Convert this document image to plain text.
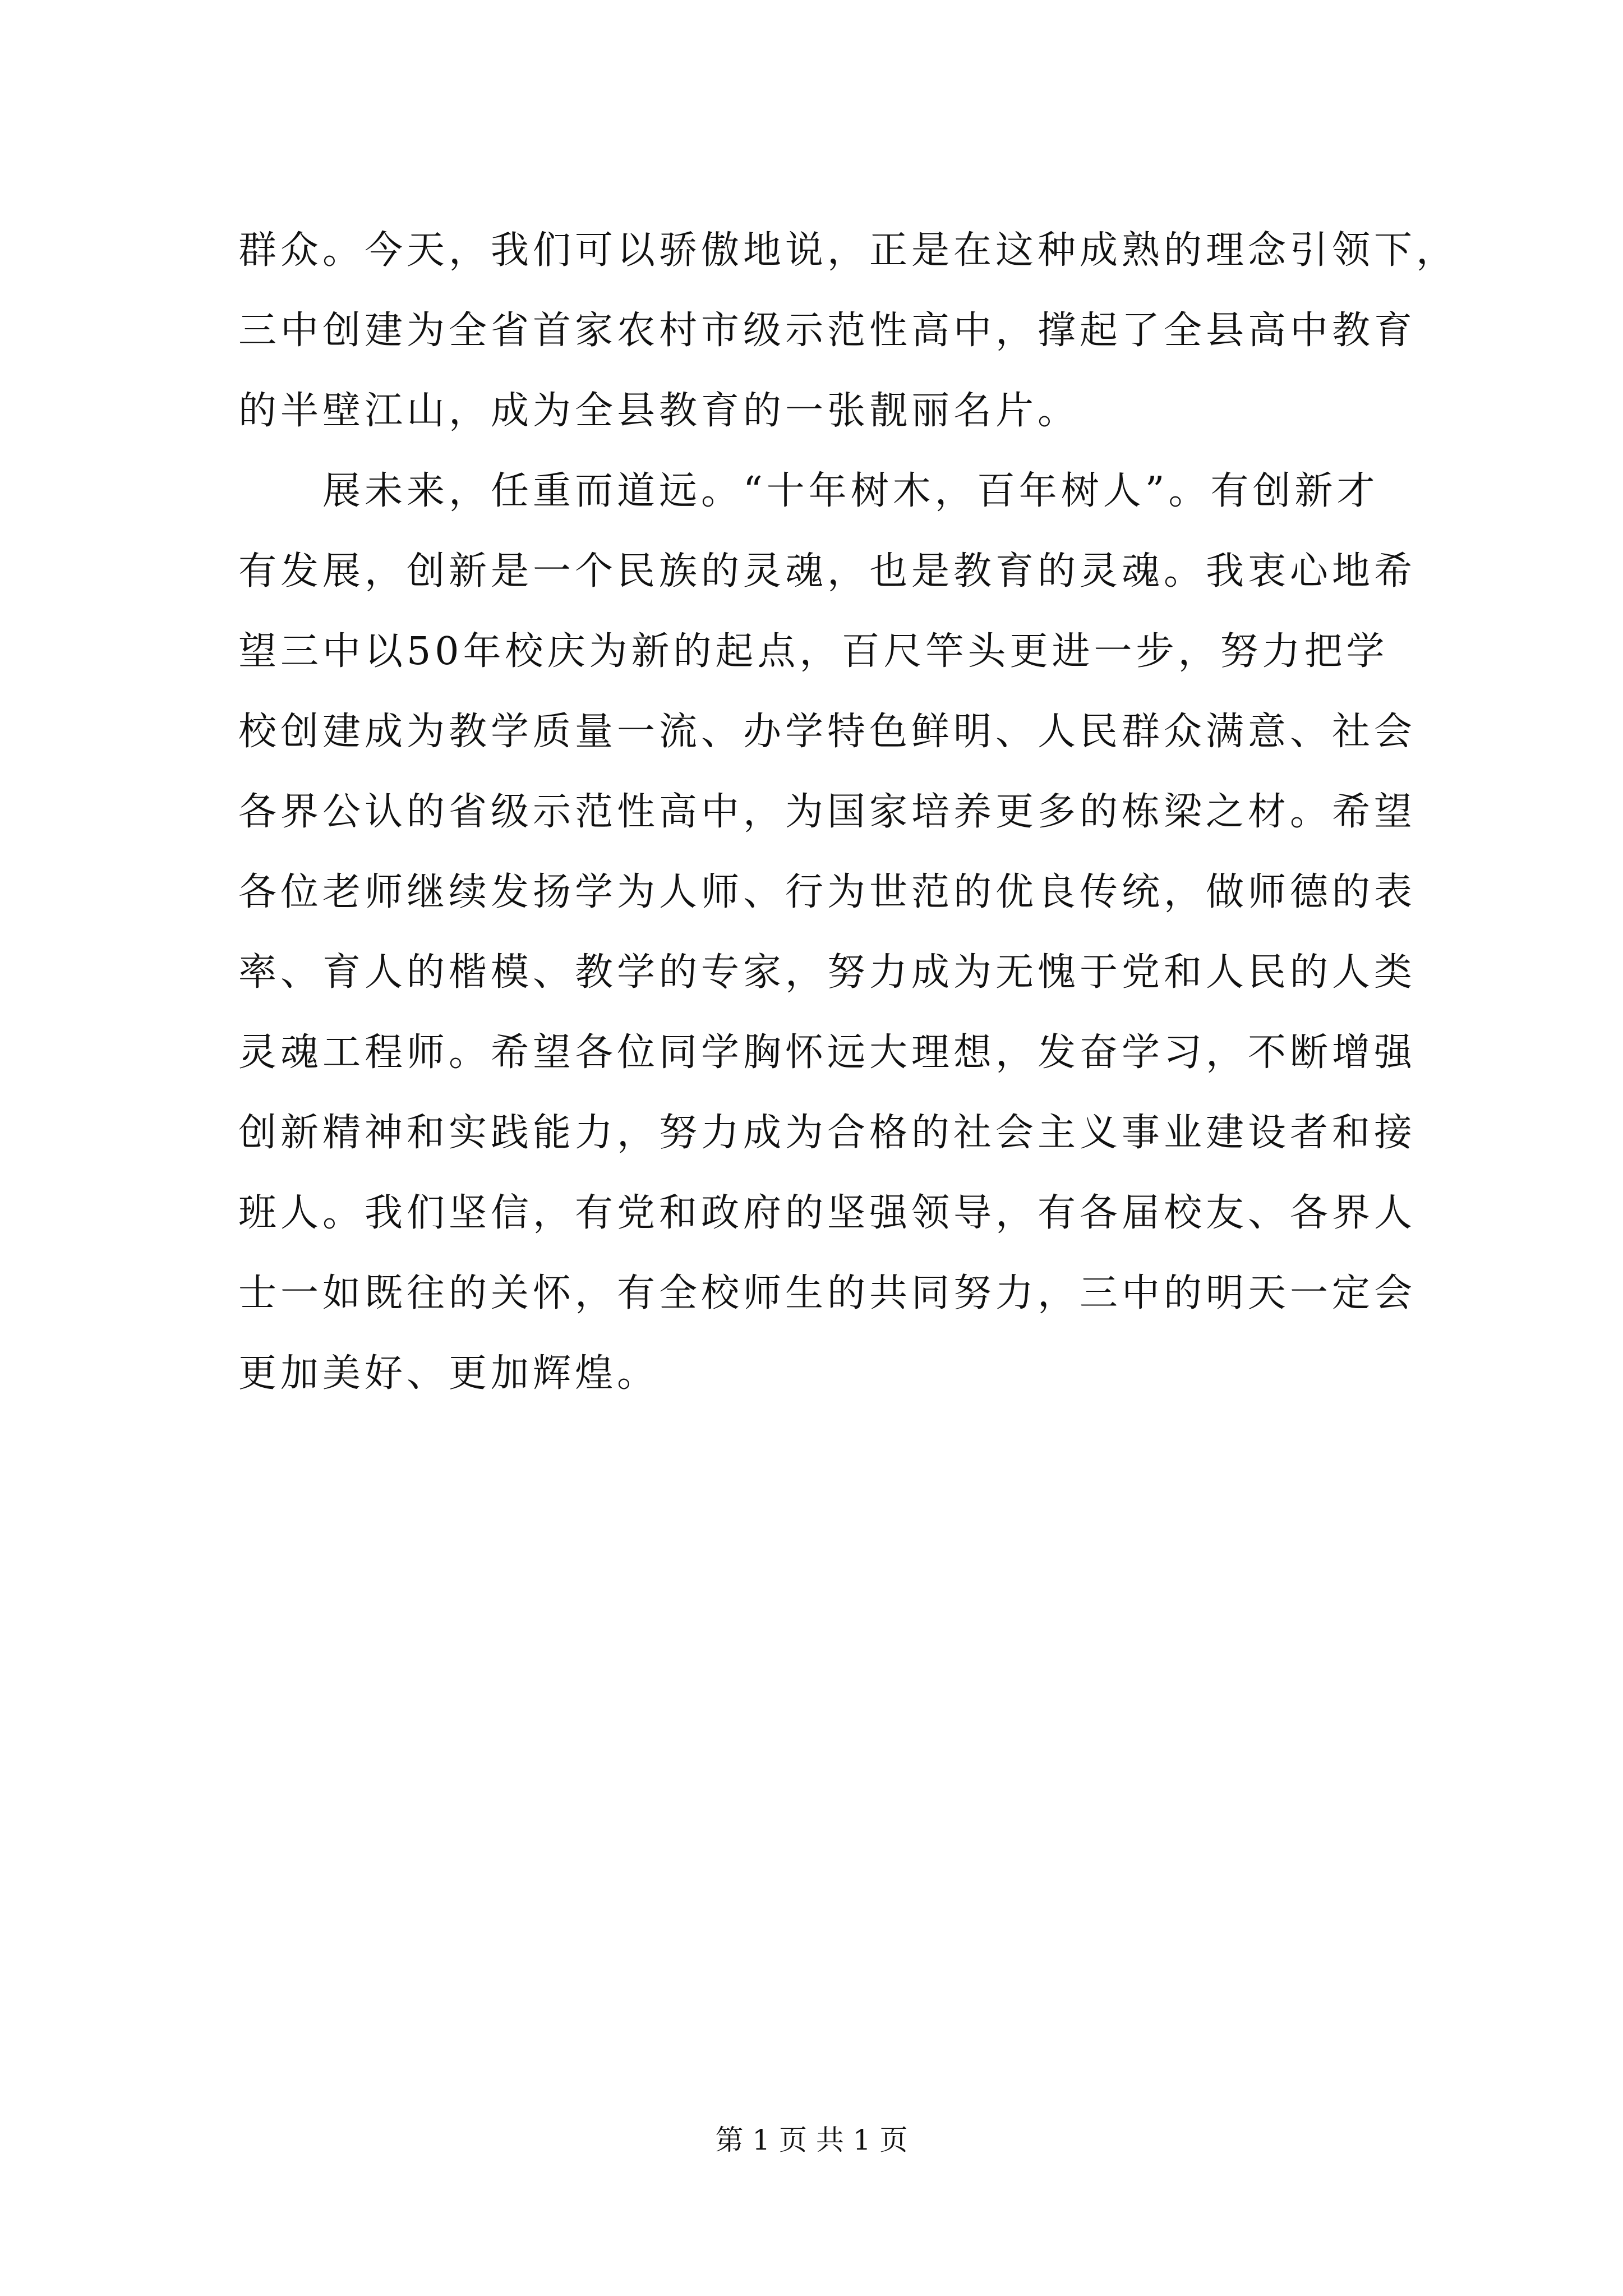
群众。今天，我们可以骄傲地说，正是在这种成熟的理念引领下，
三中创建为全省首家农村市级示范性高中，撑起了全县高中教育
的半壁江山，成为全县教育的一张靓丽名片。
　　展未来，任重而道远。“十年树木，百年树人”。有创新才
有发展，创新是一个民族的灵魂，也是教育的灵魂。我衷心地希
望三中以50年校庆为新的起点，百尺竿头更进一步，努力把学
校创建成为教学质量一流、办学特色鲜明、人民群众满意、社会
各界公认的省级示范性高中，为国家培养更多的栋梁之材。希望
各位老师继续发扬学为人师、行为世范的优良传统，做师德的表
率、育人的楷模、教学的专家，努力成为无愧于党和人民的人类
灵魂工程师。希望各位同学胸怀远大理想，发奋学习，不断增强
创新精神和实践能力，努力成为合格的社会主义事业建设者和接
班人。我们坚信，有党和政府的坚强领导，有各届校友、各界人
士一如既往的关怀，有全校师生的共同努力，三中的明天一定会
更加美好、更加辉煌。
第 1 页 共 1 页
